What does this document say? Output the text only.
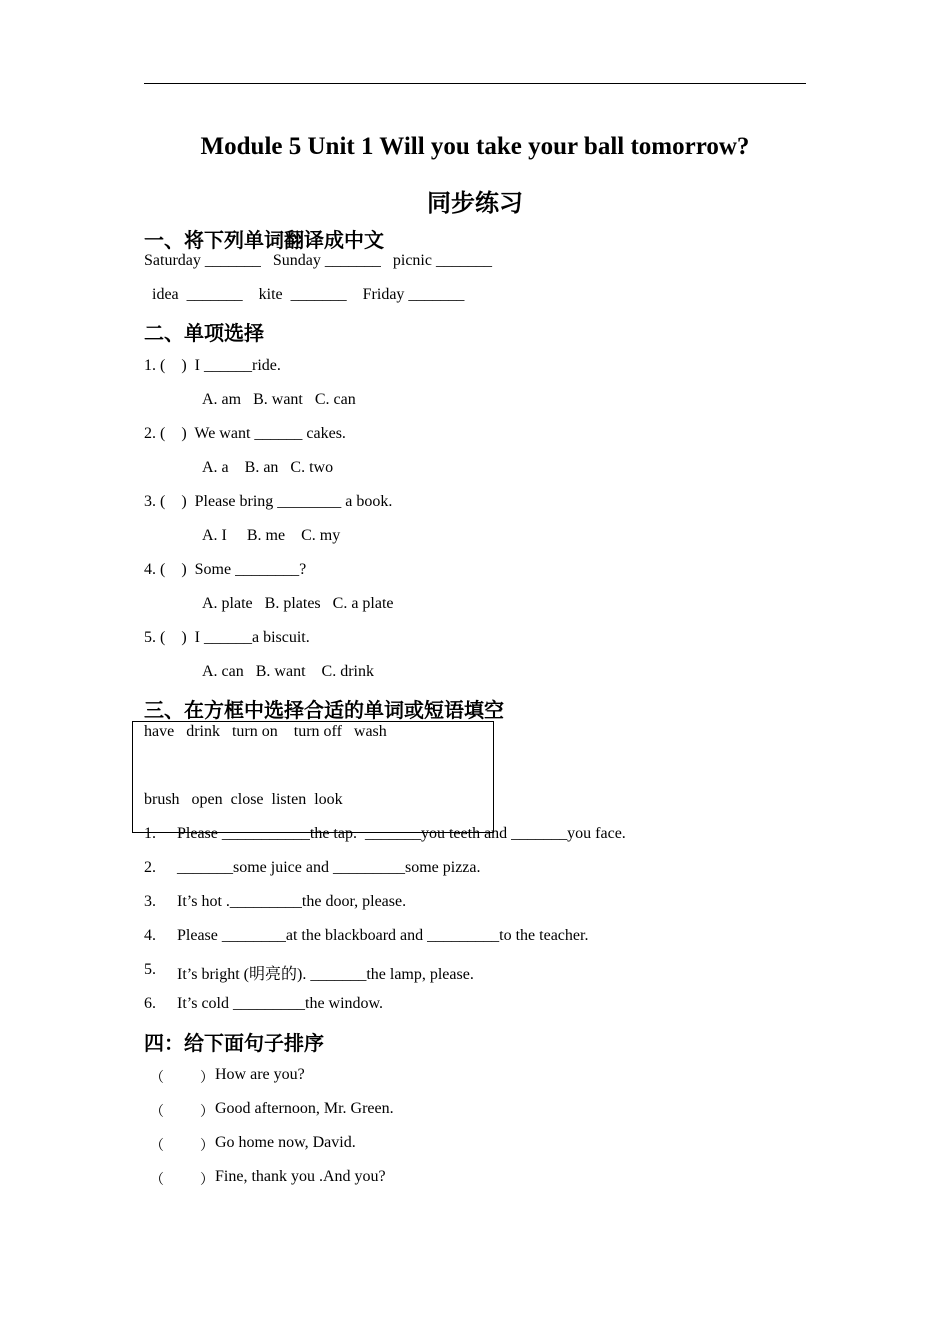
Module 5 Unit 1 Will you take your ball tomorrow?
同步练习
一、将下列单词翻译成中文
Saturday _______   Sunday _______   picnic _______
idea  _______    kite  _______    Friday _______
二、单项选择
1. (    )  I ______ride.
A. am   B. want   C. can
2. (    )  We want ______ cakes.
A. a    B. an   C. two
3. (    )  Please bring ________ a book.
A. I     B. me    C. my
4. (    )  Some ________?
A. plate   B. plates   C. a plate
5. (    )  I ______a biscuit.
A. can   B. want    C. drink
三、在方框中选择合适的单词或短语填空
have   drink   turn on    turn off   wash
brush   open  close  listen  look
1. Please ___________the tap.  _______you teeth and _______you face.
2. _______some juice and _________some pizza.
3. It’s hot ._________the door, please.
4. Please ________at the blackboard and _________to the teacher.
5. It’s bright (明亮的). _______the lamp, please.
6. It’s cold _________the window.
四：给下面句子排序
（	） How are you?
（	） Good afternoon, Mr. Green.
（	） Go home now, David.
（	） Fine, thank you .And you?
